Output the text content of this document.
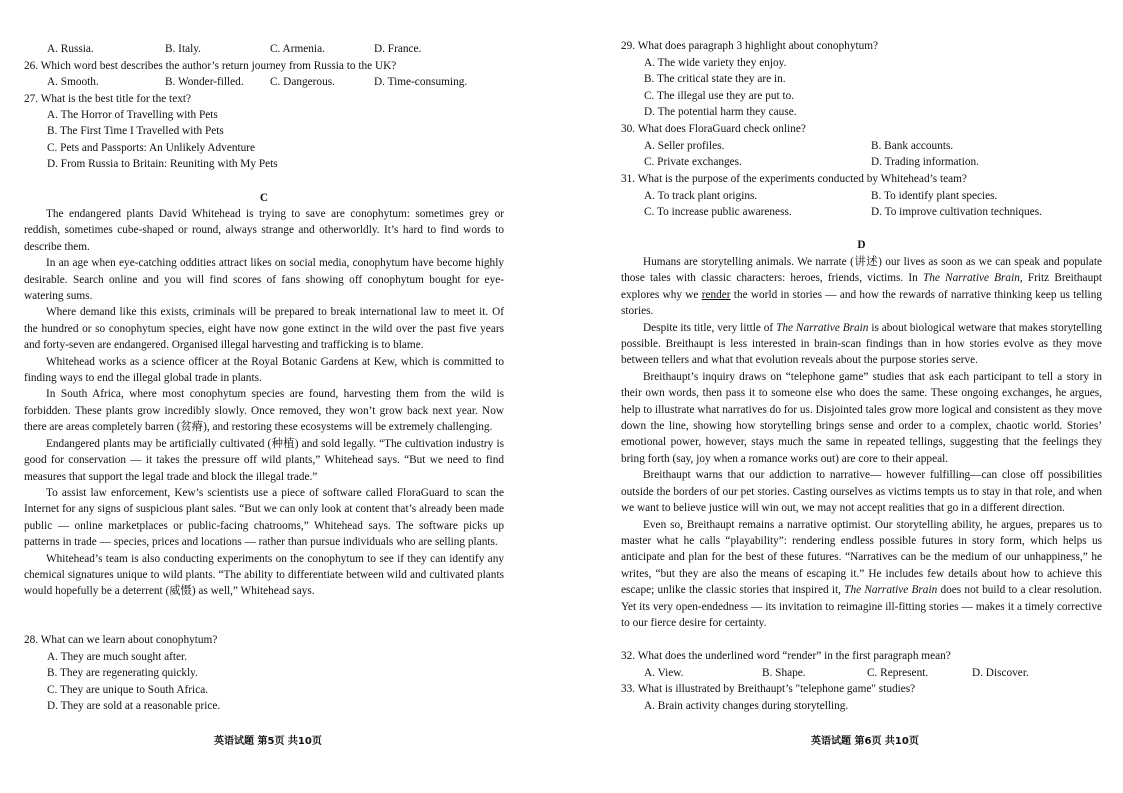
A. Russia.	B. Italy.	C. Armenia.	D. France.
26. Which word best describes the author’s return journey from Russia to the UK?
A. Smooth.	B. Wonder-filled. C. Dangerous.	D. Time-consuming.
27. What is the best title for the text?
A. The Horror of Travelling with Pets
B. The First Time I Travelled with Pets
C. Pets and Passports: An Unlikely Adventure
D. From Russia to Britain: Reuniting with My Pets
C

The endangered plants David Whitehead is trying to save are conophytum: sometimes grey or reddish, sometimes cube-shaped or round, always strange and otherworldly. It’s hard to find words to describe them.

In an age when eye-catching oddities attract likes on social media, conophytum have become highly desirable. Search online and you will find scores of fans showing off conophytum bought for eye-watering sums.

Where demand like this exists, criminals will be prepared to break international law to meet it. Of the hundred or so conophytum species, eight have now gone extinct in the wild over the past five years and forty-seven are endangered. Organised illegal harvesting and trafficking is to blame.

Whitehead works as a science officer at the Royal Botanic Gardens at Kew, which is committed to finding ways to end the illegal global trade in plants.

In South Africa, where most conophytum species are found, harvesting them from the wild is forbidden. These plants grow incredibly slowly. Once removed, they won’t grow back next year. Now there are areas completely barren (贫瘠), and restoring these ecosystems will be extremely challenging.

Endangered plants may be artificially cultivated (种植) and sold legally. “The cultivation industry is good for conservation — it takes the pressure off wild plants,” Whitehead says. “But we need to find measures that support the legal trade and block the illegal trade.”

To assist law enforcement, Kew’s scientists use a piece of software called FloraGuard to scan the Internet for any signs of suspicious plant sales. “But we can only look at content that’s already been made public — online marketplaces or public-facing chatrooms,” Whitehead says. The software picks up patterns in trade — species, prices and locations — rather than pursue individuals who are selling plants.

Whitehead’s team is also conducting experiments on the conophytum to see if they can identify any chemical signatures unique to wild plants. “The ability to differentiate between wild and cultivated plants would hopefully be a deterrent (威慑) as well,” Whitehead says.

28. What can we learn about conophytum?
A. They are much sought after.
B. They are regenerating quickly.
C. They are unique to South Africa.
D. They are sold at a reasonable price.
英语试题 第5页 共10页
29. What does paragraph 3 highlight about conophytum?
A. The wide variety they enjoy.
B. The critical state they are in.
C. The illegal use they are put to.
D. The potential harm they cause.
30. What does FloraGuard check online?
A. Seller profiles.	B. Bank accounts.
C. Private exchanges.	D. Trading information.
31. What is the purpose of the experiments conducted by Whitehead’s team?
A. To track plant origins.	B. To identify plant species.
C. To increase public awareness.	D. To improve cultivation techniques.
D

Humans are storytelling animals. We narrate (讲述) our lives as soon as we can speak and populate those tales with classic characters: heroes, friends, victims. In The Narrative Brain, Fritz Breithaupt explores why we render the world in stories — and how the rewards of narrative thinking keep us telling stories.

Despite its title, very little of The Narrative Brain is about biological wetware that makes storytelling possible. Breithaupt is less interested in brain-scan findings than in how stories evolve as they move between tellers and what that evolution reveals about the purpose stories serve.

Breithaupt’s inquiry draws on “telephone game” studies that ask each participant to tell a story in their own words, then pass it to someone else who does the same. These ongoing exchanges, he argues, help to illustrate what narratives do for us. Disjointed tales grow more logical and consistent as they move down the line, showing how storytelling brings sense and order to a complex, chaotic world. Stories’ emotional power, however, stays much the same in repeated tellings, suggesting that the feelings they bring forth (say, joy when a romance works out) are core to their appeal.

Breithaupt warns that our addiction to narrative— however fulfilling—can close off possibilities outside the borders of our pet stories. Casting ourselves as victims tempts us to stay in that role, and when we want to believe justice will win out, we may not accept realities that go in a different direction.

Even so, Breithaupt remains a narrative optimist. Our storytelling ability, he argues, prepares us to master what he calls “playability”: rendering endless possible futures in story form, which helps us anticipate and plan for the best of these futures. “Narratives can be the medium of our unhappiness,” he writes, “but they are also the means of escaping it.” He includes few details about how to achieve this escape; unlike the classic stories that inspired it, The Narrative Brain does not build to a clear resolution. Yet its very open-endedness — its invitation to reimagine ill-fitting stories — makes it a timely corrective to our fierce desire for certainty.

32. What does the underlined word “render” in the first paragraph mean?
A. View.	B. Shape.	C. Represent.	D. Discover.
33. What is illustrated by Breithaupt’s "telephone game" studies?
A. Brain activity changes during storytelling.
英语试题 第6页 共10页
